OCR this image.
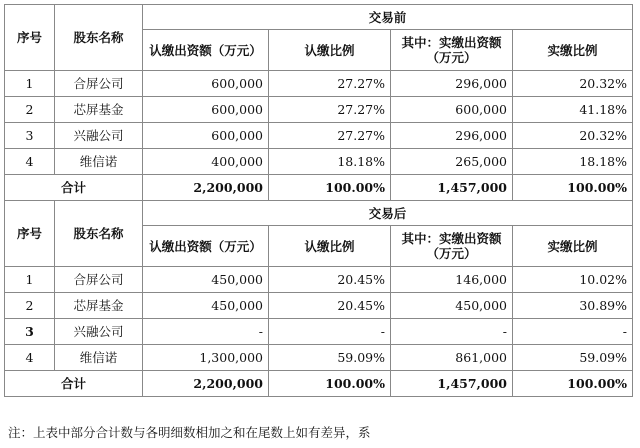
序号	股东名称	交易前			
		认缴出资额（万元）	认缴比例	其中：实缴出资额（万元）	实缴比例
1	合屏公司	600,000	27.27%	296,000	20.32%
2	芯屏基金	600,000	27.27%	600,000	41.18%
3	兴融公司	600,000	27.27%	296,000	20.32%
4	维信诺	400,000	18.18%	265,000	18.18%
合计		2,200,000	100.00%	1,457,000	100.00%
序号	股东名称	交易后			
		认缴出资额（万元）	认缴比例	其中：实缴出资额（万元）	实缴比例
1	合屏公司	450,000	20.45%	146,000	10.02%
2	芯屏基金	450,000	20.45%	450,000	30.89%
3	兴融公司	-	-	-	-
4	维信诺	1,300,000	59.09%	861,000	59.09%
合计		2,200,000	100.00%	1,457,000	100.00%
注：上表中部分合计数与各明细数相加之和在尾数上如有差异，系
